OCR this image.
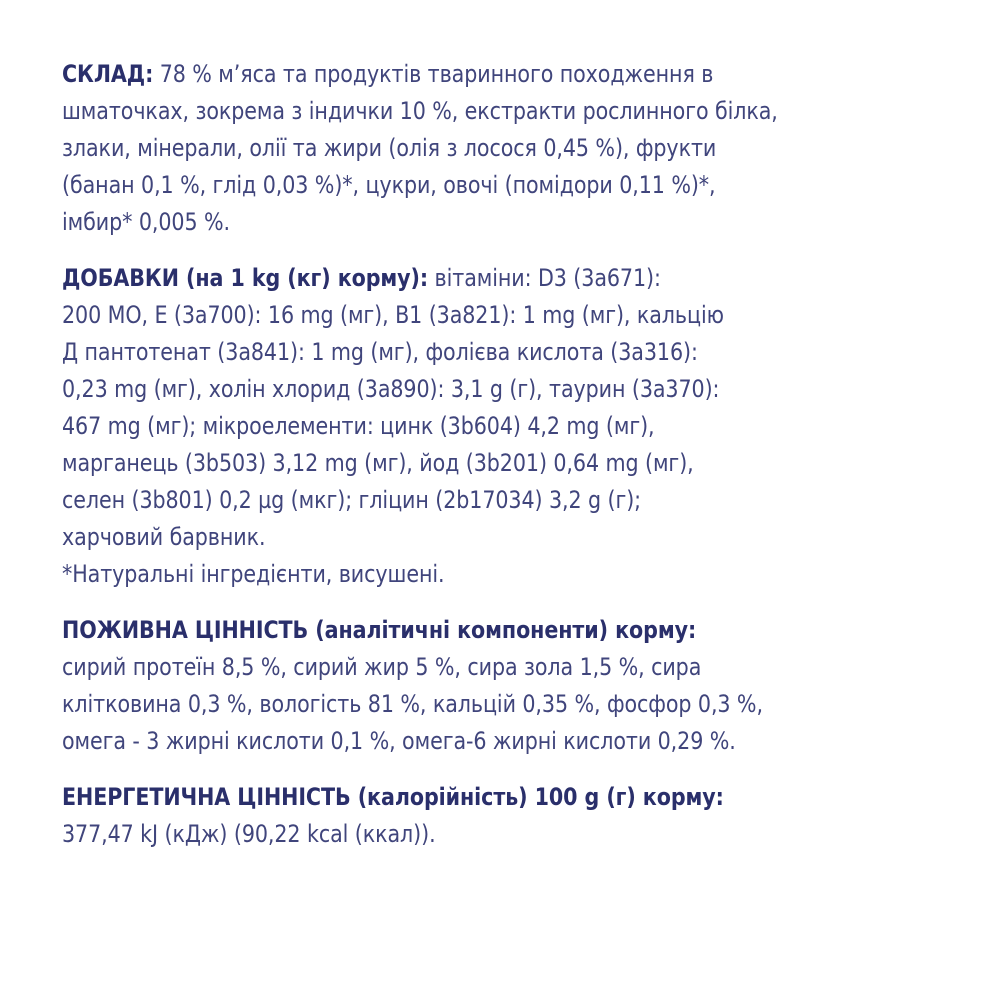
СКЛАД: 78 % м’яса та продуктів тваринного походження в
шматочках, зокрема з індички 10 %, екстракти рослинного білка,
злаки, мінерали, олії та жири (олія з лосося 0,45 %), фрукти
(банан 0,1 %, глід 0,03 %)*, цукри, овочі (помідори 0,11 %)*,
імбир* 0,005 %.
ДОБАВКИ (на 1 kg (кг) корму): вітаміни: D3 (3a671):
200 МО, Е (3a700): 16 mg (мг), В1 (3a821): 1 mg (мг), кальцію
Д пантотенат (3a841): 1 mg (мг), фолієва кислота (3a316):
0,23 mg (мг), холін хлорид (3a890): 3,1 g (г), таурин (3a370):
467 mg (мг); мікроелементи: цинк (3b604) 4,2 mg (мг),
марганець (3b503) 3,12 mg (мг), йод (3b201) 0,64 mg (мг),
селен (3b801) 0,2 µg (мкг); гліцин (2b17034) 3,2 g (г);
харчовий барвник.
*Натуральні інгредієнти, висушені.
ПОЖИВНА ЦІННІСТЬ (аналітичні компоненти) корму:
сирий протеїн 8,5 %, сирий жир 5 %, сира зола 1,5 %, сира
клітковина 0,3 %, вологість 81 %, кальцій 0,35 %, фосфор 0,3 %,
омега - 3 жирні кислоти 0,1 %, омега-6 жирні кислоти 0,29 %.
ЕНЕРГЕТИЧНА ЦІННІСТЬ (калорійність) 100 g (г) корму:
377,47 kJ (кДж) (90,22 kcal (ккал)).
